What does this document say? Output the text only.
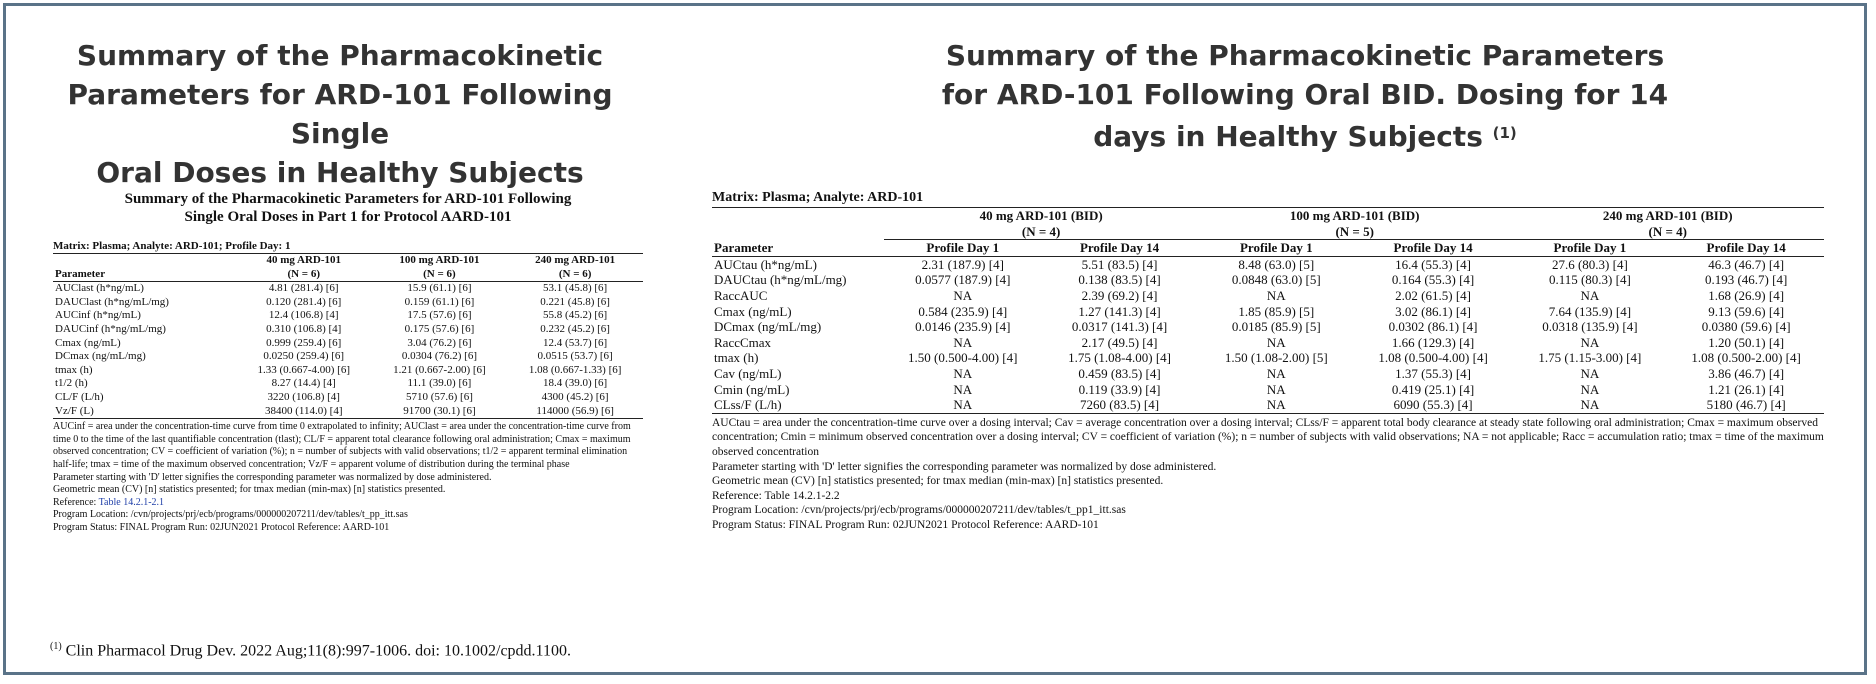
Summary of the Pharmacokinetic
Parameters for ARD-101 Following Single
Oral Doses in Healthy Subjects
Summary of the Pharmacokinetic Parameters for ARD-101 Following
Single Oral Doses in Part 1 for Protocol AARD-101
Matrix: Plasma; Analyte: ARD-101; Profile Day: 1
	40 mg ARD-101	100 mg ARD-101	240 mg ARD-101
Parameter	(N = 6)	(N = 6)	(N = 6)
AUClast (h*ng/mL)	4.81 (281.4) [6]	15.9 (61.1) [6]	53.1 (45.8) [6]
DAUClast (h*ng/mL/mg)	0.120 (281.4) [6]	0.159 (61.1) [6]	0.221 (45.8) [6]
AUCinf (h*ng/mL)	12.4 (106.8) [4]	17.5 (57.6) [6]	55.8 (45.2) [6]
DAUCinf (h*ng/mL/mg)	0.310 (106.8) [4]	0.175 (57.6) [6]	0.232 (45.2) [6]
Cmax (ng/mL)	0.999 (259.4) [6]	3.04 (76.2) [6]	12.4 (53.7) [6]
DCmax (ng/mL/mg)	0.0250 (259.4) [6]	0.0304 (76.2) [6]	0.0515 (53.7) [6]
tmax (h)	1.33 (0.667-4.00) [6]	1.21 (0.667-2.00) [6]	1.08 (0.667-1.33) [6]
t1/2 (h)	8.27 (14.4) [4]	11.1 (39.0) [6]	18.4 (39.0) [6]
CL/F (L/h)	3220 (106.8) [4]	5710 (57.6) [6]	4300 (45.2) [6]
Vz/F (L)	38400 (114.0) [4]	91700 (30.1) [6]	114000 (56.9) [6]

AUCinf = area under the concentration-time curve from time 0 extrapolated to infinity; AUClast = area under the concentration-time curve from time 0 to the time of the last quantifiable concentration (tlast); CL/F = apparent total clearance following oral administration; Cmax = maximum observed concentration; CV = coefficient of variation (%); n = number of subjects with valid observations; t1/2 = apparent terminal elimination half-life; tmax = time of the maximum observed concentration; Vz/F = apparent volume of distribution during the terminal phase

Parameter starting with 'D' letter signifies the corresponding parameter was normalized by dose administered.

Geometric mean (CV) [n] statistics presented; for tmax median (min-max) [n] statistics presented.

Reference: Table 14.2.1-2.1

Program Location: /cvn/projects/prj/ecb/programs/000000207211/dev/tables/t_pp_itt.sas

Program Status: FINAL Program Run: 02JUN2021 Protocol Reference: AARD-101

Summary of the Pharmacokinetic Parameters
for ARD-101 Following Oral BID. Dosing for 14
days in Healthy Subjects $^{(1)}$
Matrix: Plasma; Analyte: ARD-101
	40 mg ARD-101 (BID)		100 mg ARD-101 (BID)		240 mg ARD-101 (BID)	
	(N = 4)		(N = 5)		(N = 4)	
Parameter	Profile Day 1	Profile Day 14	Profile Day 1	Profile Day 14	Profile Day 1	Profile Day 14
AUCtau (h*ng/mL)	2.31 (187.9) [4]	5.51 (83.5) [4]	8.48 (63.0) [5]	16.4 (55.3) [4]	27.6 (80.3) [4]	46.3 (46.7) [4]
DAUCtau (h*ng/mL/mg)	0.0577 (187.9) [4]	0.138 (83.5) [4]	0.0848 (63.0) [5]	0.164 (55.3) [4]	0.115 (80.3) [4]	0.193 (46.7) [4]
RaccAUC	NA	2.39 (69.2) [4]	NA	2.02 (61.5) [4]	NA	1.68 (26.9) [4]
Cmax (ng/mL)	0.584 (235.9) [4]	1.27 (141.3) [4]	1.85 (85.9) [5]	3.02 (86.1) [4]	7.64 (135.9) [4]	9.13 (59.6) [4]
DCmax (ng/mL/mg)	0.0146 (235.9) [4]	0.0317 (141.3) [4]	0.0185 (85.9) [5]	0.0302 (86.1) [4]	0.0318 (135.9) [4]	0.0380 (59.6) [4]
RaccCmax	NA	2.17 (49.5) [4]	NA	1.66 (129.3) [4]	NA	1.20 (50.1) [4]
tmax (h)	1.50 (0.500-4.00) [4]	1.75 (1.08-4.00) [4]	1.50 (1.08-2.00) [5]	1.08 (0.500-4.00) [4]	1.75 (1.15-3.00) [4]	1.08 (0.500-2.00) [4]
Cav (ng/mL)	NA	0.459 (83.5) [4]	NA	1.37 (55.3) [4]	NA	3.86 (46.7) [4]
Cmin (ng/mL)	NA	0.119 (33.9) [4]	NA	0.419 (25.1) [4]	NA	1.21 (26.1) [4]
CLss/F (L/h)	NA	7260 (83.5) [4]	NA	6090 (55.3) [4]	NA	5180 (46.7) [4]

AUCtau = area under the concentration-time curve over a dosing interval; Cav = average concentration over a dosing interval; CLss/F = apparent total body clearance at steady state following oral administration; Cmax = maximum observed concentration; Cmin = minimum observed concentration over a dosing interval; CV = coefficient of variation (%); n = number of subjects with valid observations; NA = not applicable; Racc = accumulation ratio; tmax = time of the maximum observed concentration

Parameter starting with 'D' letter signifies the corresponding parameter was normalized by dose administered.

Geometric mean (CV) [n] statistics presented; for tmax median (min-max) [n] statistics presented.

Reference: Table 14.2.1-2.2

Program Location: /cvn/projects/prj/ecb/programs/000000207211/dev/tables/t_pp1_itt.sas

Program Status: FINAL Program Run: 02JUN2021 Protocol Reference: AARD-101

$^{(1)}$ Clin Pharmacol Drug Dev. 2022 Aug;11(8):997-1006. doi: 10.1002/cpdd.1100.
